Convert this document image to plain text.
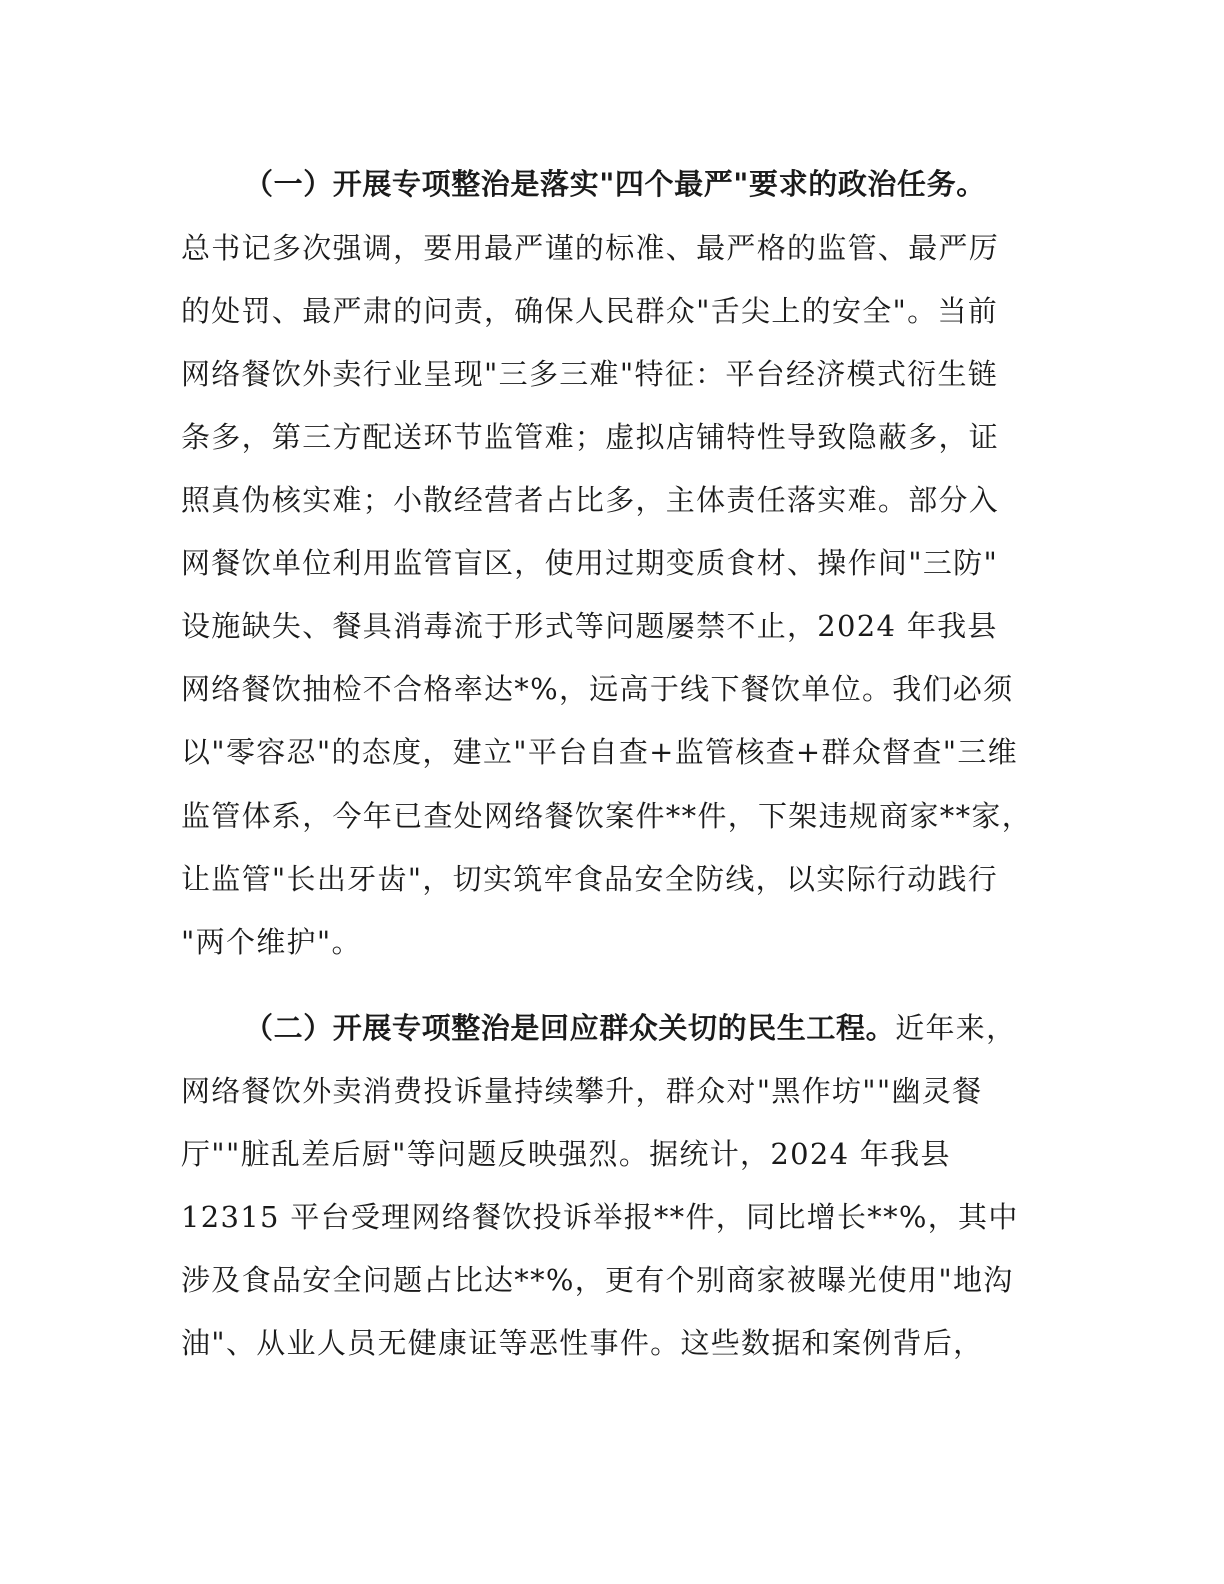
（一）开展专项整治是落实"四个最严"要求的政治任务。
总书记多次强调，要用最严谨的标准、最严格的监管、最严厉
的处罚、最严肃的问责，确保人民群众"舌尖上的安全"。当前
网络餐饮外卖行业呈现"三多三难"特征：平台经济模式衍生链
条多，第三方配送环节监管难；虚拟店铺特性导致隐蔽多，证
照真伪核实难；小散经营者占比多，主体责任落实难。部分入
网餐饮单位利用监管盲区，使用过期变质食材、操作间"三防"
设施缺失、餐具消毒流于形式等问题屡禁不止，2024 年我县
网络餐饮抽检不合格率达*%，远高于线下餐饮单位。我们必须
以"零容忍"的态度，建立"平台自查+监管核查+群众督查"三维
监管体系，今年已查处网络餐饮案件**件，下架违规商家**家，
让监管"长出牙齿"，切实筑牢食品安全防线，以实际行动践行
"两个维护"。
（二）开展专项整治是回应群众关切的民生工程。近年来，
网络餐饮外卖消费投诉量持续攀升，群众对"黑作坊""幽灵餐
厅""脏乱差后厨"等问题反映强烈。据统计，2024 年我县
12315 平台受理网络餐饮投诉举报**件，同比增长**%，其中
涉及食品安全问题占比达**%，更有个别商家被曝光使用"地沟
油"、从业人员无健康证等恶性事件。这些数据和案例背后，
